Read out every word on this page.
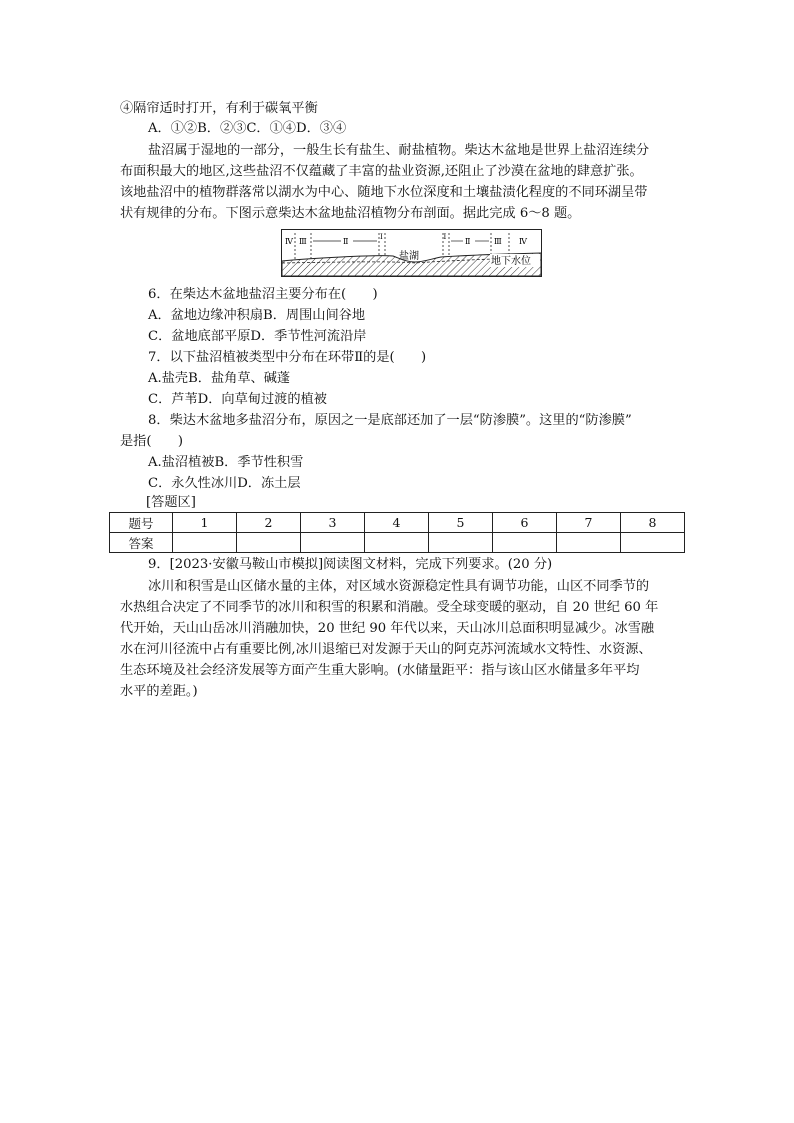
④隔帘适时打开，有利于碳氧平衡
A．①②B．②③C．①④D．③④
盐沼属于湿地的一部分，一般生长有盐生、耐盐植物。柴达木盆地是世界上盐沼连续分
布面积最大的地区,这些盐沼不仅蕴藏了丰富的盐业资源,还阻止了沙漠在盆地的肆意扩张。
该地盐沼中的植物群落常以湖水为中心、随地下水位深度和土壤盐渍化程度的不同环湖呈带
状有规律的分布。下图示意柴达木盆地盐沼植物分布剖面。据此完成 6～8 题。
Ⅳ Ⅲ	Ⅱ	Ⅰ	Ⅰ Ⅱ	Ⅲ Ⅳ
盐湖	地下水位
6．在柴达木盆地盐沼主要分布在(　　)
A．盆地边缘冲积扇B．周围山间谷地
C．盆地底部平原D．季节性河流沿岸
7．以下盐沼植被类型中分布在环带Ⅱ的是(　　)
A.盐壳B．盐角草、碱蓬
C．芦苇D．向草甸过渡的植被
8．柴达木盆地多盐沼分布，原因之一是底部还加了一层“防渗膜”。这里的“防渗膜”
是指(　　)
A.盐沼植被B．季节性积雪
C．永久性冰川D．冻土层
[答题区]
题号	1	2	3	4	5	6	7	8
答案								
9．[2023·安徽马鞍山市模拟]阅读图文材料，完成下列要求。(20 分)
冰川和积雪是山区储水量的主体，对区域水资源稳定性具有调节功能，山区不同季节的
水热组合决定了不同季节的冰川和积雪的积累和消融。受全球变暖的驱动，自 20 世纪 60 年
代开始，天山山岳冰川消融加快，20 世纪 90 年代以来，天山冰川总面积明显减少。冰雪融
水在河川径流中占有重要比例,冰川退缩已对发源于天山的阿克苏河流域水文特性、水资源、
生态环境及社会经济发展等方面产生重大影响。(水储量距平：指与该山区水储量多年平均
水平的差距。)
